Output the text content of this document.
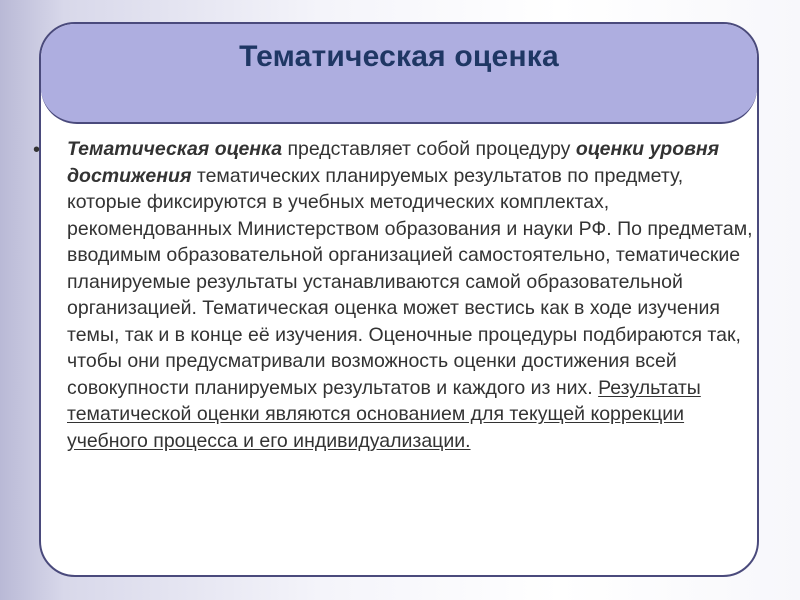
Тематическая оценка
• Тематическая оценка представляет собой процедуру оценки уровня достижения тематических планируемых результатов по предмету, которые фиксируются в учебных методических комплектах, рекомендованных Министерством образования и науки РФ. По предметам, вводимым образовательной организацией самостоятельно, тематические планируемые результаты устанавливаются самой образовательной организацией. Тематическая оценка может вестись как в ходе изучения темы, так и в конце её изучения. Оценочные процедуры подбираются так, чтобы они предусматривали возможность оценки достижения всей совокупности планируемых результатов и каждого из них. Результаты тематической оценки являются основанием для текущей коррекции учебного процесса и его индивидуализации.
